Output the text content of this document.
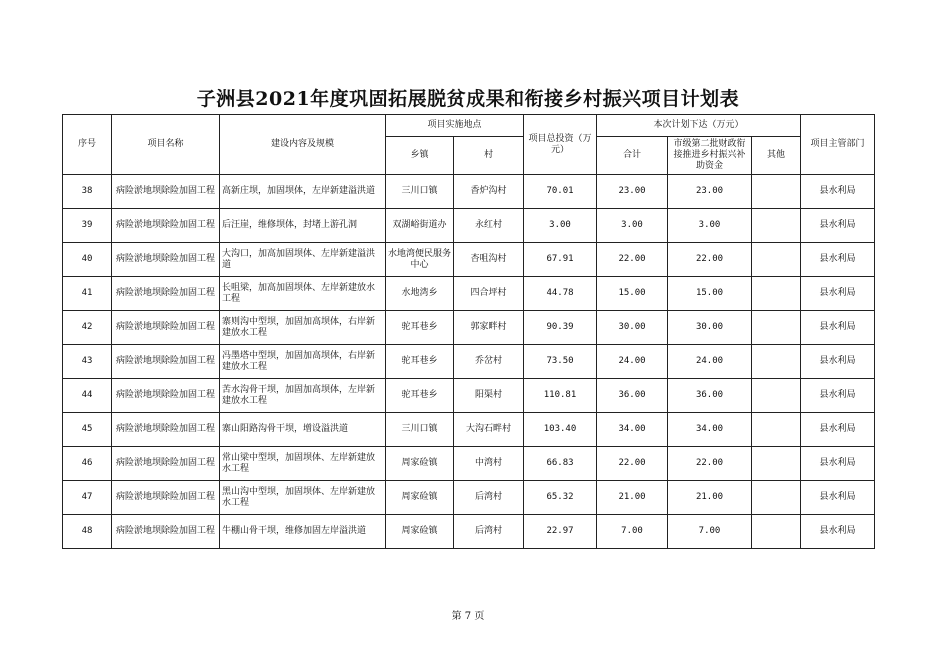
子洲县2021年度巩固拓展脱贫成果和衔接乡村振兴项目计划表
序号	项目名称	建设内容及规模	项目实施地点		项目总投资（万元）	本次计划下达（万元）			项目主管部门
			乡镇	村		合计	市级第二批财政衔接推进乡村振兴补助资金	其他	
38	病险淤地坝除险加固工程	高新庄坝，加固坝体，左岸新建溢洪道	三川口镇	香炉沟村	70.01	23.00	23.00		县水利局
39	病险淤地坝除险加固工程	后汪崖，维修坝体，封堵上游孔洞	双湖峪街道办	永红村	3.00	3.00	3.00		县水利局
40	病险淤地坝除险加固工程	大沟口，加高加固坝体、左岸新建溢洪道	水地湾便民服务中心	杏咀沟村	67.91	22.00	22.00		县水利局
41	病险淤地坝除险加固工程	长咀梁，加高加固坝体、左岸新建放水工程	水地湾乡	四合坪村	44.78	15.00	15.00		县水利局
42	病险淤地坝除险加固工程	寨则沟中型坝，加固加高坝体，右岸新建放水工程	驼耳巷乡	郭家畔村	90.39	30.00	30.00		县水利局
43	病险淤地坝除险加固工程	冯墨塔中型坝，加固加高坝体，右岸新建放水工程	驼耳巷乡	乔岔村	73.50	24.00	24.00		县水利局
44	病险淤地坝除险加固工程	苦水沟骨干坝，加固加高坝体，左岸新建放水工程	驼耳巷乡	阳渠村	110.81	36.00	36.00		县水利局
45	病险淤地坝除险加固工程	寨山阳路沟骨干坝，增设溢洪道	三川口镇	大沟石畔村	103.40	34.00	34.00		县水利局
46	病险淤地坝除险加固工程	常山梁中型坝，加固坝体、左岸新建放水工程	周家硷镇	中湾村	66.83	22.00	22.00		县水利局
47	病险淤地坝除险加固工程	黑山沟中型坝，加固坝体、左岸新建放水工程	周家硷镇	后湾村	65.32	21.00	21.00		县水利局
48	病险淤地坝除险加固工程	牛棚山骨干坝，维修加固左岸溢洪道	周家硷镇	后湾村	22.97	7.00	7.00		县水利局
第 7 页
